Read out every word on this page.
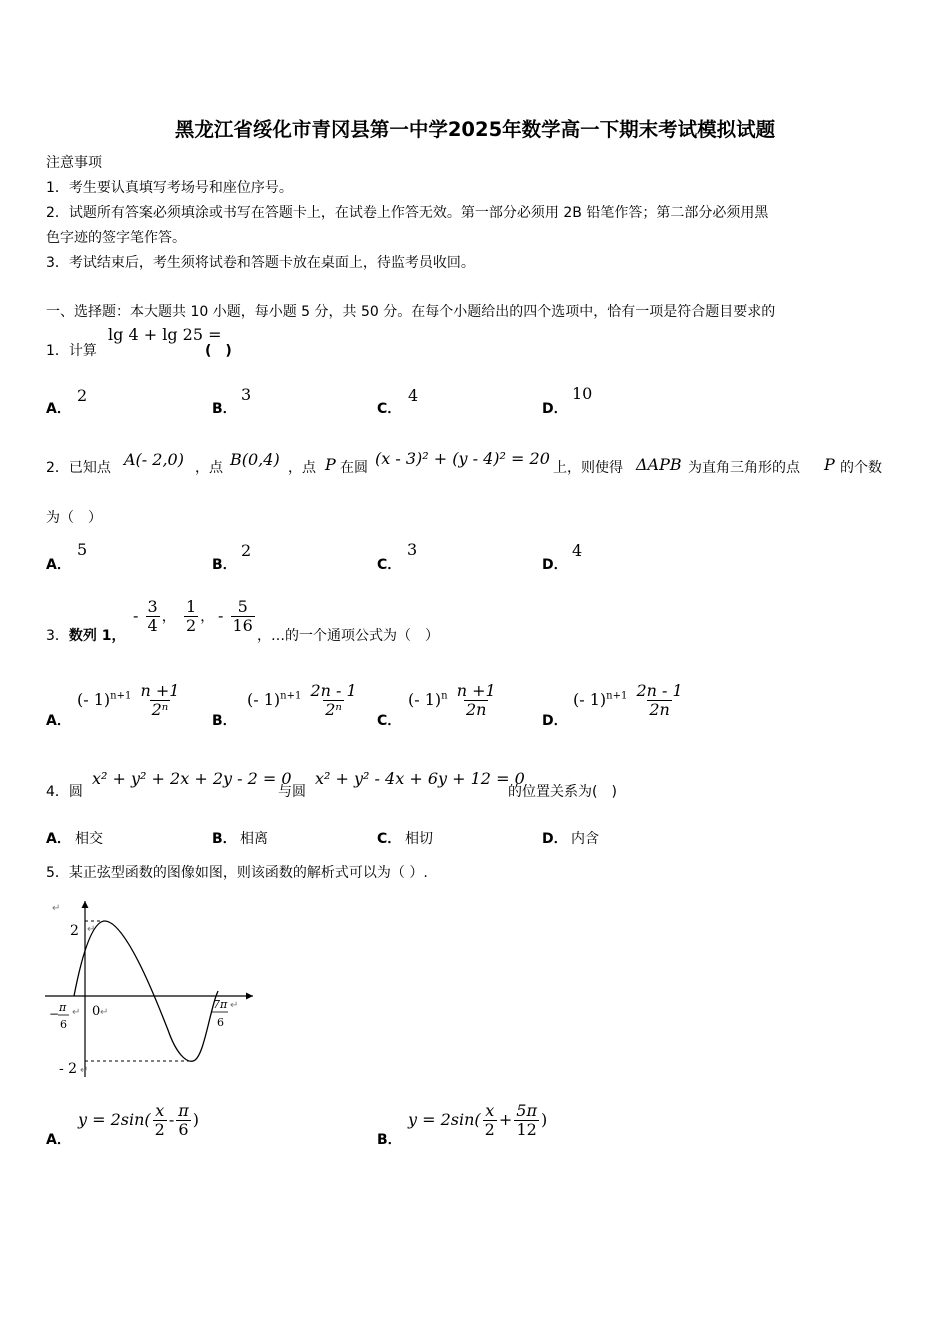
黑龙江省绥化市青冈县第一中学2025年数学高一下期末考试模拟试题
注意事项
1．考生要认真填写考场号和座位序号。
2．试题所有答案必须填涂或书写在答题卡上，在试卷上作答无效。第一部分必须用 2B 铅笔作答；第二部分必须用黑
色字迹的签字笔作答。
3．考试结束后，考生须将试卷和答题卡放在桌面上，待监考员收回。
一、选择题：本大题共 10 小题，每小题 5 分，共 50 分。在每个小题给出的四个选项中，恰有一项是符合题目要求的
1．计算
lg 4 + lg 25 =
(　)
A．
2
B．
3
C．
4
D．
10
2．已知点 A(- 2,0) ，点 B(0,4) ，点 P 在圆 (x - 3)² + (y - 4)² = 20 上，则使得 ΔAPB 为直角三角形的点 P 的个数
为（　）
A．
5
B．
2
C．
3
D．
4
3．数列 1，
- $\frac{3}{4}$ ， $\frac{1}{2}$ ， - $\frac{5}{16}$
，…的一个通项公式为（　）
A．
(- $1)^{n+1} \frac{n +1}{\text{2ⁿ}}$
B．
(- $1)^{n+1} \frac{2n - 1}{\text{2ⁿ}}$
C．
(- $1)^n \frac{n +1}{2n}$
D．
(- $1)^{n+1} \frac{2n - 1}{2n}$
4．圆
x² + y² + 2x + 2y - 2 = 0
与圆
x² + y² - 4x + 6y + 12 = 0
的位置关系为(　)
A． 相交	B． 相离	C． 相切	D． 内含
5．某正弦型函数的图像如图，则该函数的解析式可以为（ ）.
2 ↵
- 2 ↵
0 ↵
− π
6
↵
7π
6
↵
↵
A．
$y = 2\sin( \frac{x}{2} - \frac{\pi}{6}$ )
B．
$y = 2\sin( \frac{x}{2} + \frac{5\pi}{12}$ )
